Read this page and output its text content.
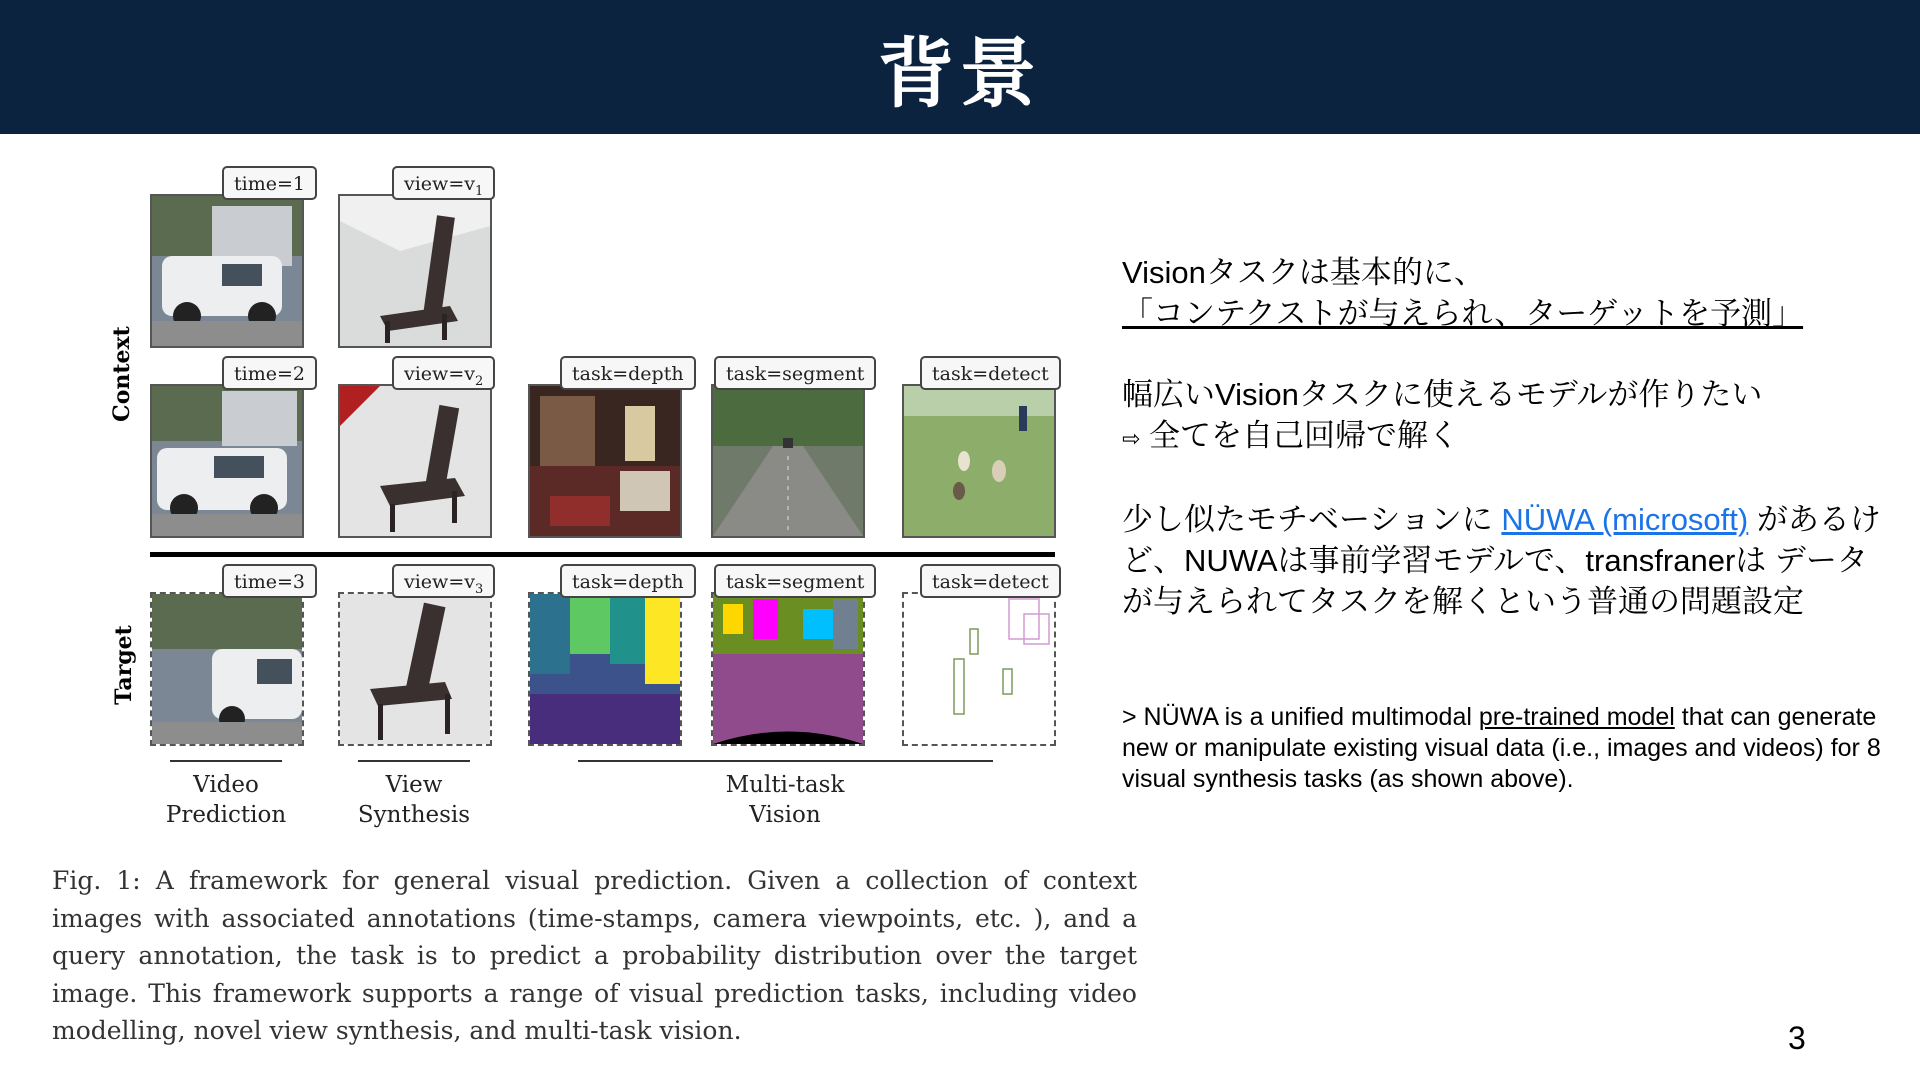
背景
Context
Target
time=1	$view=v_1$
time=2	$view=v_2$	task=depth	task=segment	task=detect
time=3	$view=v_3$	task=depth	task=segment	task=detect
Video
Prediction
View
Synthesis
Multi-task
Vision
Fig. 1: A framework for general visual prediction. Given a collection of context images with associated annotations (time-stamps, camera viewpoints, etc. ), and a query annotation, the task is to predict a probability distribution over the target image. This framework supports a range of visual prediction tasks, including video modelling, novel view synthesis, and multi-task vision.

Visionタスクは基本的に、

「コンテクストが与えられ、ターゲットを予測」

幅広いVisionタスクに使えるモデルが作りたい

⇨ 全てを自己回帰で解く

少し似たモチベーションに NÜWA (microsoft) があるけど、NUWAは事前学習モデルで、transfranerは データが与えられてタスクを解くという普通の問題設定

> NÜWA is a unified multimodal pre-trained model that can generate new or manipulate existing visual data (i.e., images and videos) for 8 visual synthesis tasks (as shown above).
3
